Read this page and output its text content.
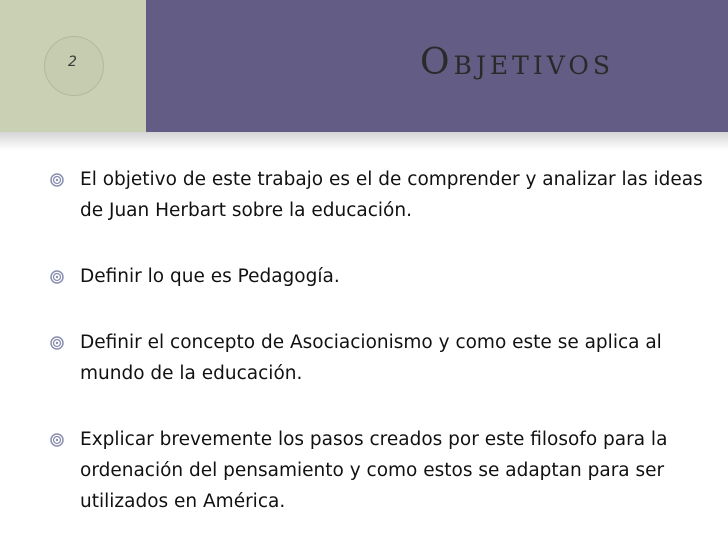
2	Objetivos
El objetivo de este trabajo es el de comprender y analizar las ideas de Juan Herbart sobre la educación.
Definir lo que es Pedagogía.
Definir el concepto de Asociacionismo y como este se aplica al mundo de la educación.
Explicar brevemente los pasos creados por este filosofo para la ordenación del pensamiento y como estos se adaptan para ser utilizados en América.
